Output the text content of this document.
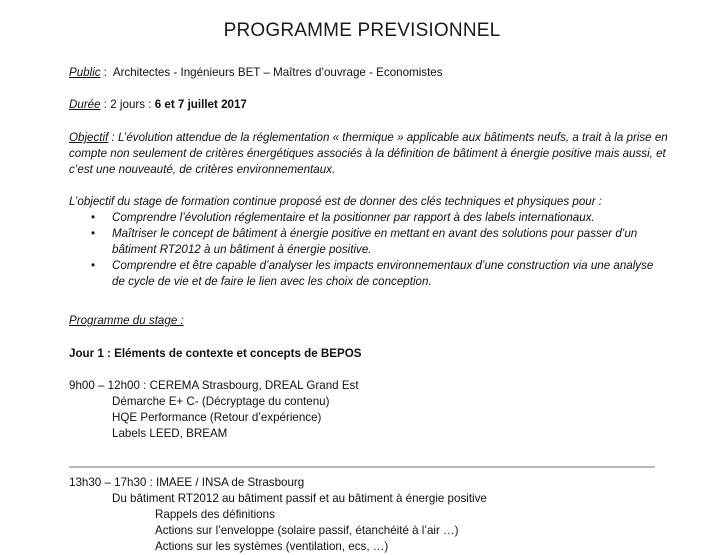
PROGRAMME PREVISIONNEL
Public :  Architectes - Ingénieurs BET – Maîtres d’ouvrage - Economistes
Durée : 2 jours : 6 et 7 juillet 2017
Objectif : L’évolution attendue de la réglementation « thermique » applicable aux bâtiments neufs, a trait à la prise en compte non seulement de critères énergétiques associés à la définition de bâtiment à énergie positive mais aussi, et c’est une nouveauté, de critères environnementaux.
L’objectif du stage de formation continue proposé est de donner des clés techniques et physiques pour :
• Comprendre l’évolution réglementaire et la positionner par rapport à des labels internationaux.
• Maîtriser le concept de bâtiment à énergie positive en mettant en avant des solutions pour passer d’un bâtiment RT2012 à un bâtiment à énergie positive.
• Comprendre et être capable d’analyser les impacts environnementaux d’une construction via une analyse de cycle de vie et de faire le lien avec les choix de conception.
Programme du stage :
Jour 1 : Eléments de contexte et concepts de BEPOS
9h00 – 12h00 : CEREMA Strasbourg, DREAL Grand Est
Démarche E+ C- (Décryptage du contenu)
HQE Performance (Retour d’expérience)
Labels LEED, BREAM
13h30 – 17h30 : IMAEE / INSA de Strasbourg
Du bâtiment RT2012 au bâtiment passif et au bâtiment à énergie positive
Rappels des définitions
Actions sur l’enveloppe (solaire passif, étanchéité à l’air …)
Actions sur les systèmes (ventilation, ecs, …)
